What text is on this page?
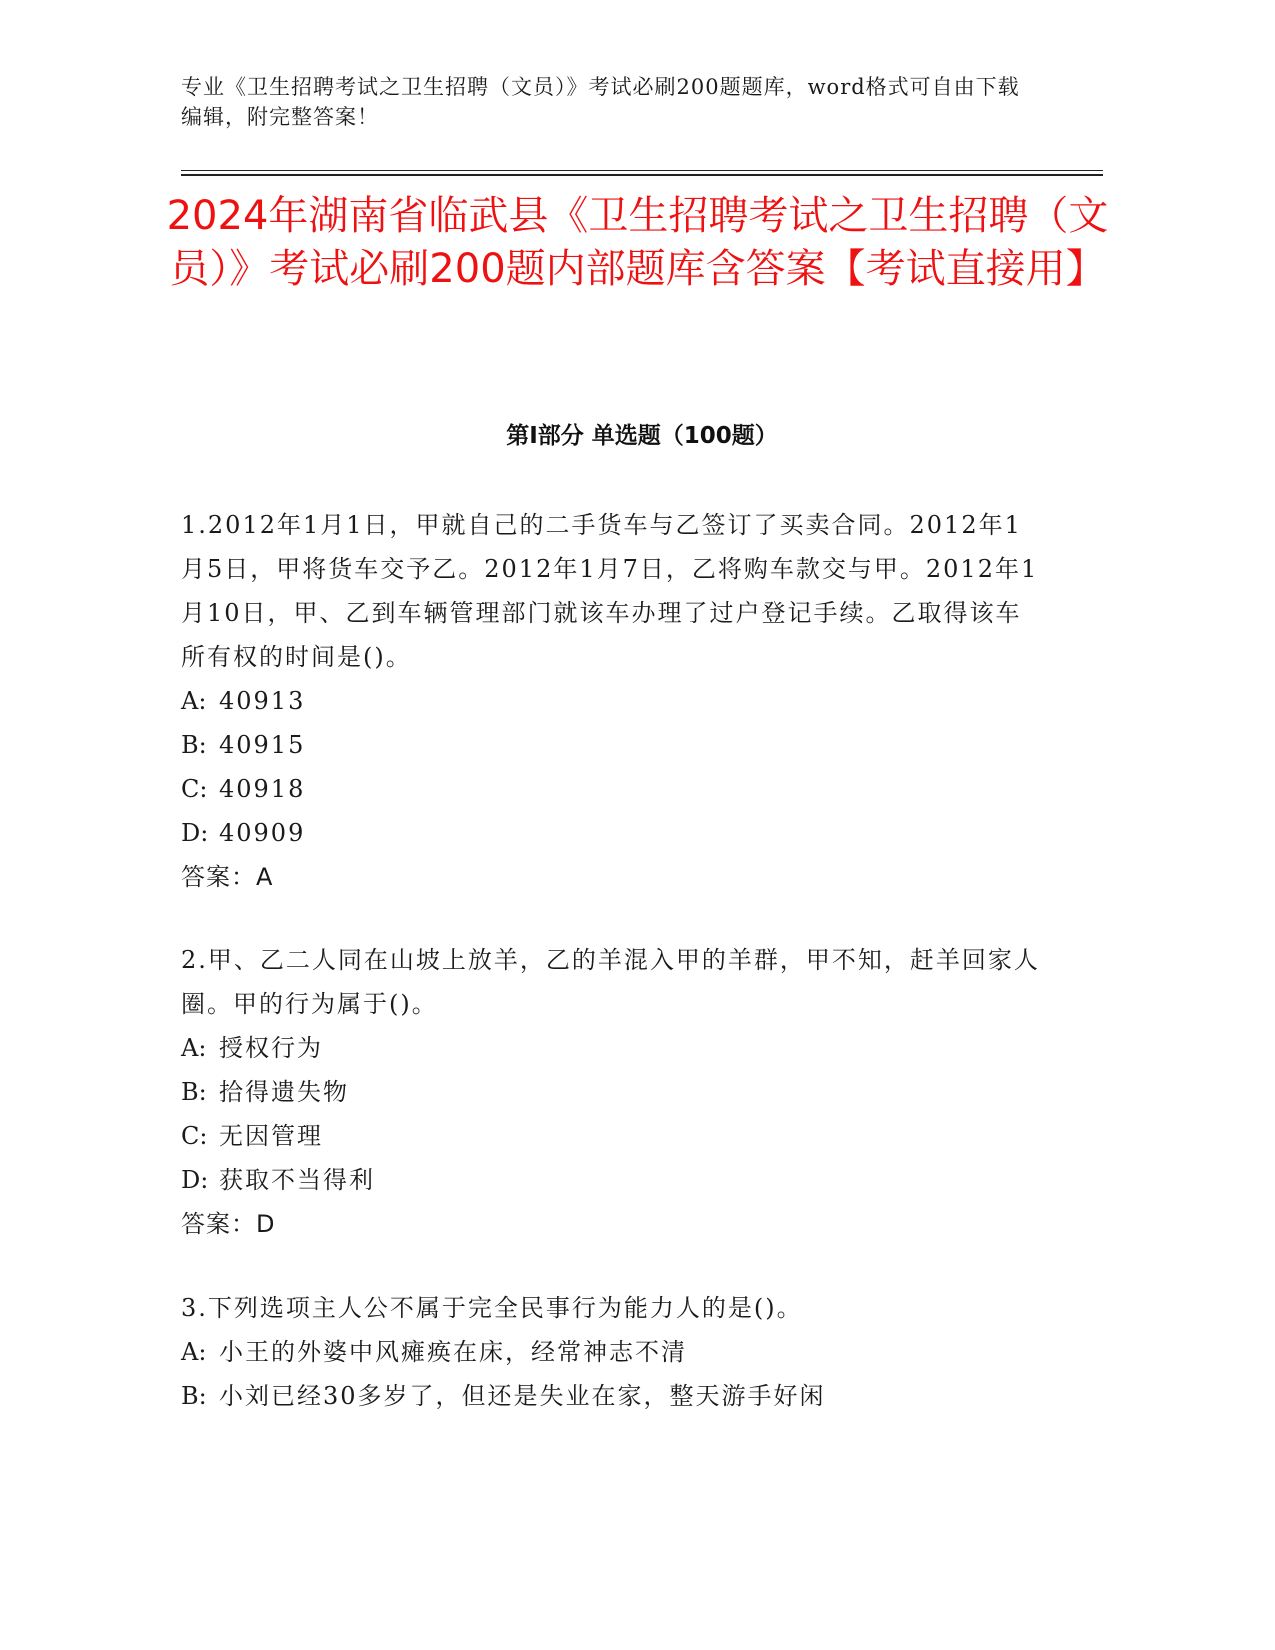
专业《卫生招聘考试之卫生招聘（文员）》考试必刷200题题库，word格式可自由下载编辑，附完整答案！

2024年湖南省临武县《卫生招聘考试之卫生招聘（文员）》考试必刷200题内部题库含答案【考试直接用】
第Ⅰ部分 单选题（100题）

1.2012年1月1日，甲就自己的二手货车与乙签订了买卖合同。2012年1月5日，甲将货车交予乙。2012年1月7日，乙将购车款交与甲。2012年1月10日，甲、乙到车辆管理部门就该车办理了过户登记手续。乙取得该车所有权的时间是()。

A: 40913

B: 40915

C: 40918

D: 40909

答案：A

2.甲、乙二人同在山坡上放羊，乙的羊混入甲的羊群，甲不知，赶羊回家人圈。甲的行为属于()。

A: 授权行为

B: 拾得遗失物

C: 无因管理

D: 获取不当得利

答案：D

3.下列选项主人公不属于完全民事行为能力人的是()。

A: 小王的外婆中风瘫痪在床，经常神志不清

B: 小刘已经30多岁了，但还是失业在家，整天游手好闲
